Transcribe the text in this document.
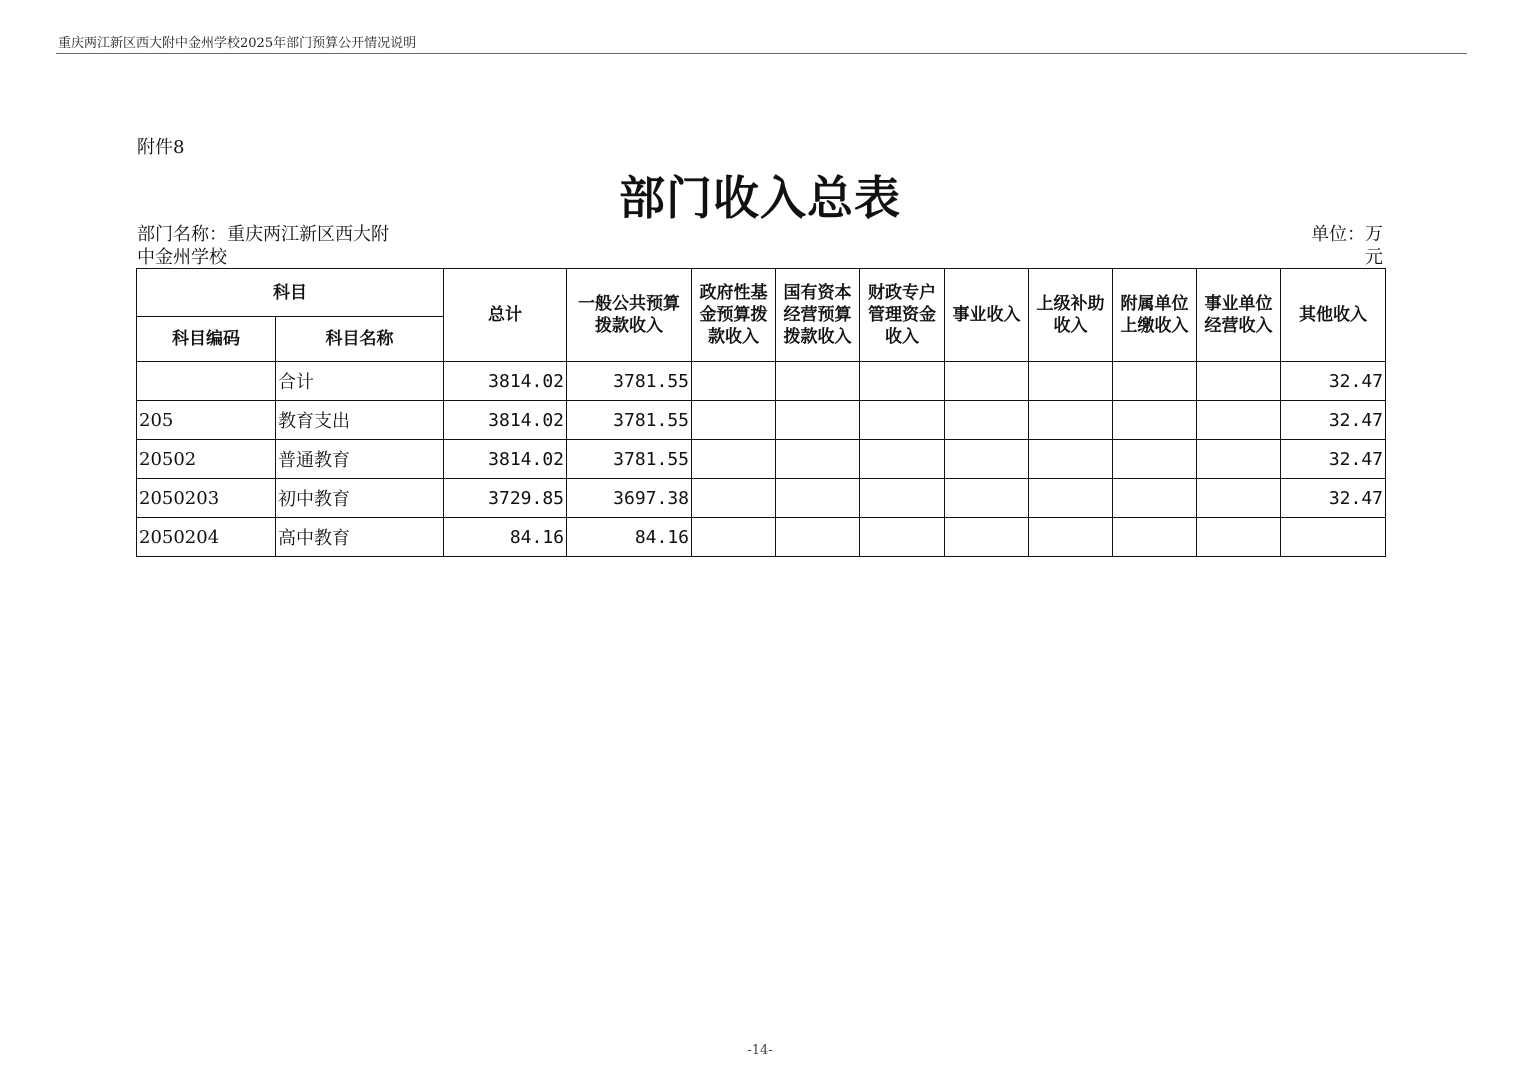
重庆两江新区西大附中金州学校2025年部门预算公开情况说明
附件8
部门收入总表
部门名称：重庆两江新区西大附
中金州学校
单位：万
元
科目		总计	一般公共预算拨款收入	政府性基金预算拨款收入	国有资本经营预算拨款收入	财政专户管理资金收入	事业收入	上级补助收入	附属单位上缴收入	事业单位经营收入	其他收入
科目编码	科目名称										
	合计	3814.02	3781.55								32.47
205	教育支出	3814.02	3781.55								32.47
20502	普通教育	3814.02	3781.55								32.47
2050203	初中教育	3729.85	3697.38								32.47
2050204	高中教育	84.16	84.16								
-14-
